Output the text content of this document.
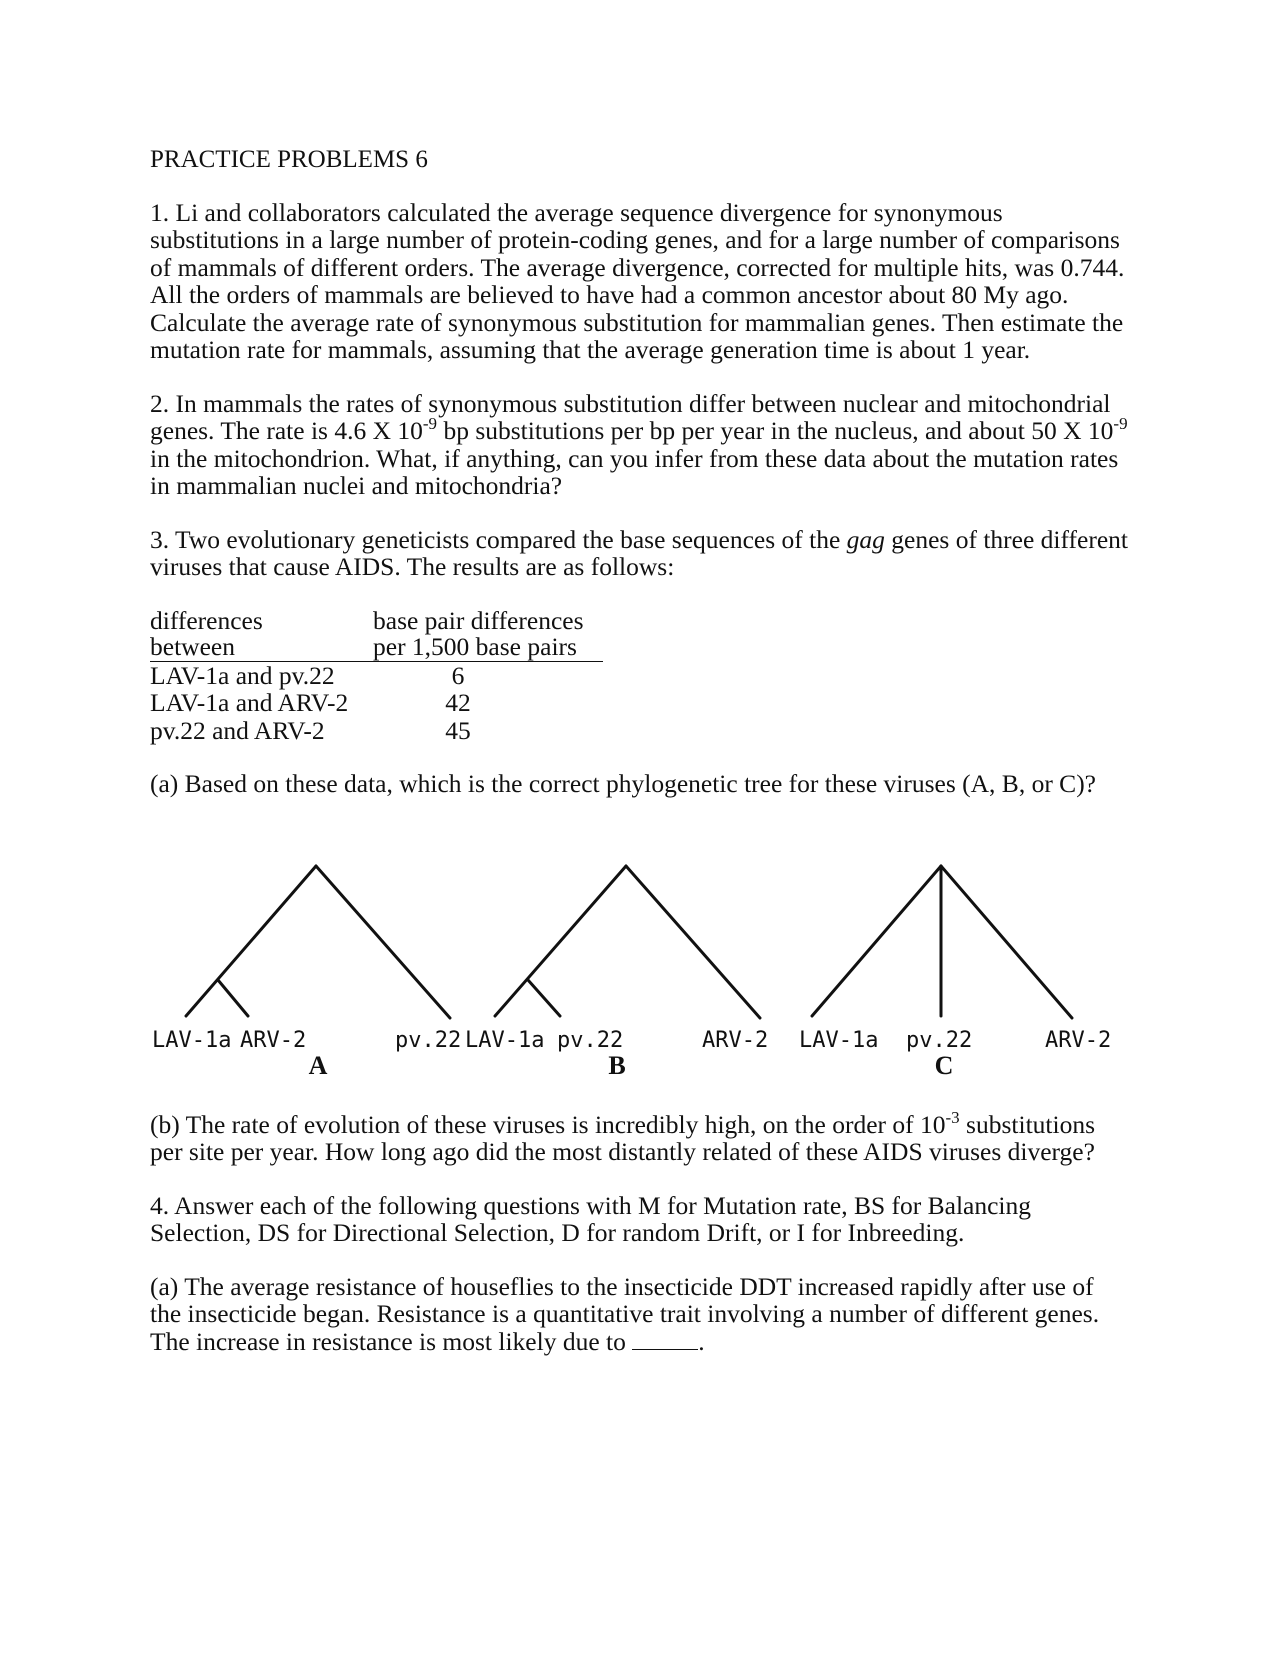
PRACTICE PROBLEMS 6

1. Li and collaborators calculated the average sequence divergence for synonymous substitutions in a large number of protein-coding genes, and for a large number of comparisons of mammals of different orders. The average divergence, corrected for multiple hits, was 0.744. All the orders of mammals are believed to have had a common ancestor about 80 My ago. Calculate the average rate of synonymous substitution for mammalian genes. Then estimate the mutation rate for mammals, assuming that the average generation time is about 1 year.

2. In mammals the rates of synonymous substitution differ between nuclear and mitochondrial genes. The rate is 4.6 X $10^{-9}$ bp substitutions per bp per year in the nucleus, and about 50 X $10^{-9}$ in the mitochondrion. What, if anything, can you infer from these data about the mutation rates in mammalian nuclei and mitochondria?

3. Two evolutionary geneticists compared the base sequences of the gag genes of three different viruses that cause AIDS. The results are as follows:

differences	base pair differences
between	per 1,500 base pairs
LAV-1a and pv.22	6
LAV-1a and ARV-2	42
pv.22 and ARV-2	45

(a) Based on these data, which is the correct phylogenetic tree for these viruses (A, B, or C)?

LAV-1a ARV-2	pv.22 LAV-1a pv.22	ARV-2 LAV-1a pv.22	ARV-2
A	B	C

(b) The rate of evolution of these viruses is incredibly high, on the order of $10^{-3}$ substitutions per site per year. How long ago did the most distantly related of these AIDS viruses diverge?

4. Answer each of the following questions with M for Mutation rate, BS for Balancing Selection, DS for Directional Selection, D for random Drift, or I for Inbreeding.

(a) The average resistance of houseflies to the insecticide DDT increased rapidly after use of the insecticide began. Resistance is a quantitative trait involving a number of different genes. The increase in resistance is most likely due to	.
